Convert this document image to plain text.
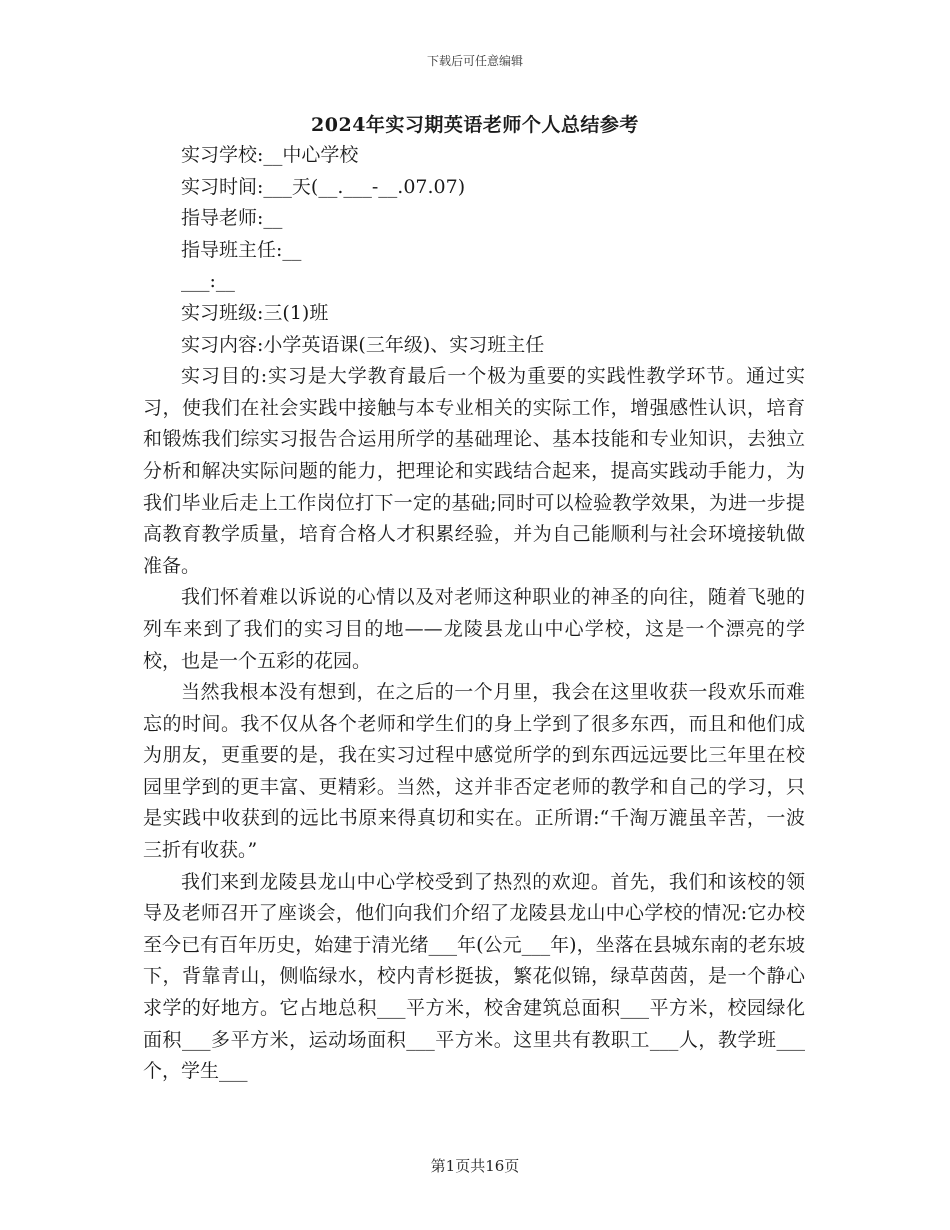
下载后可任意编辑
2024年实习期英语老师个人总结参考

实习学校:__中心学校

实习时间:___天(__.___-__.07.07)

指导老师:__

指导班主任:__

___:__

实习班级:三(1)班

实习内容:小学英语课(三年级)、实习班主任

实习目的:实习是大学教育最后一个极为重要的实践性教学环节。通过实习，使我们在社会实践中接触与本专业相关的实际工作，增强感性认识，培育和锻炼我们综实习报告合运用所学的基础理论、基本技能和专业知识，去独立分析和解决实际问题的能力，把理论和实践结合起来，提高实践动手能力，为我们毕业后走上工作岗位打下一定的基础;同时可以检验教学效果，为进一步提高教育教学质量，培育合格人才积累经验，并为自己能顺利与社会环境接轨做准备。

我们怀着难以诉说的心情以及对老师这种职业的神圣的向往，随着飞驰的列车来到了我们的实习目的地——龙陵县龙山中心学校，这是一个漂亮的学校，也是一个五彩的花园。

当然我根本没有想到，在之后的一个月里，我会在这里收获一段欢乐而难忘的时间。我不仅从各个老师和学生们的身上学到了很多东西，而且和他们成为朋友，更重要的是，我在实习过程中感觉所学的到东西远远要比三年里在校园里学到的更丰富、更精彩。当然，这并非否定老师的教学和自己的学习，只是实践中收获到的远比书原来得真切和实在。正所谓:“千淘万漉虽辛苦，一波三折有收获。”

我们来到龙陵县龙山中心学校受到了热烈的欢迎。首先，我们和该校的领导及老师召开了座谈会，他们向我们介绍了龙陵县龙山中心学校的情况:它办校至今已有百年历史，始建于清光绪___年(公元___年)，坐落在县城东南的老东坡下，背靠青山，侧临绿水，校内青杉挺拔，繁花似锦，绿草茵茵，是一个静心求学的好地方。它占地总积___平方米，校舍建筑总面积___平方米，校园绿化面积___多平方米，运动场面积___平方米。这里共有教职工___人，教学班___个，学生___

第1页共16页
